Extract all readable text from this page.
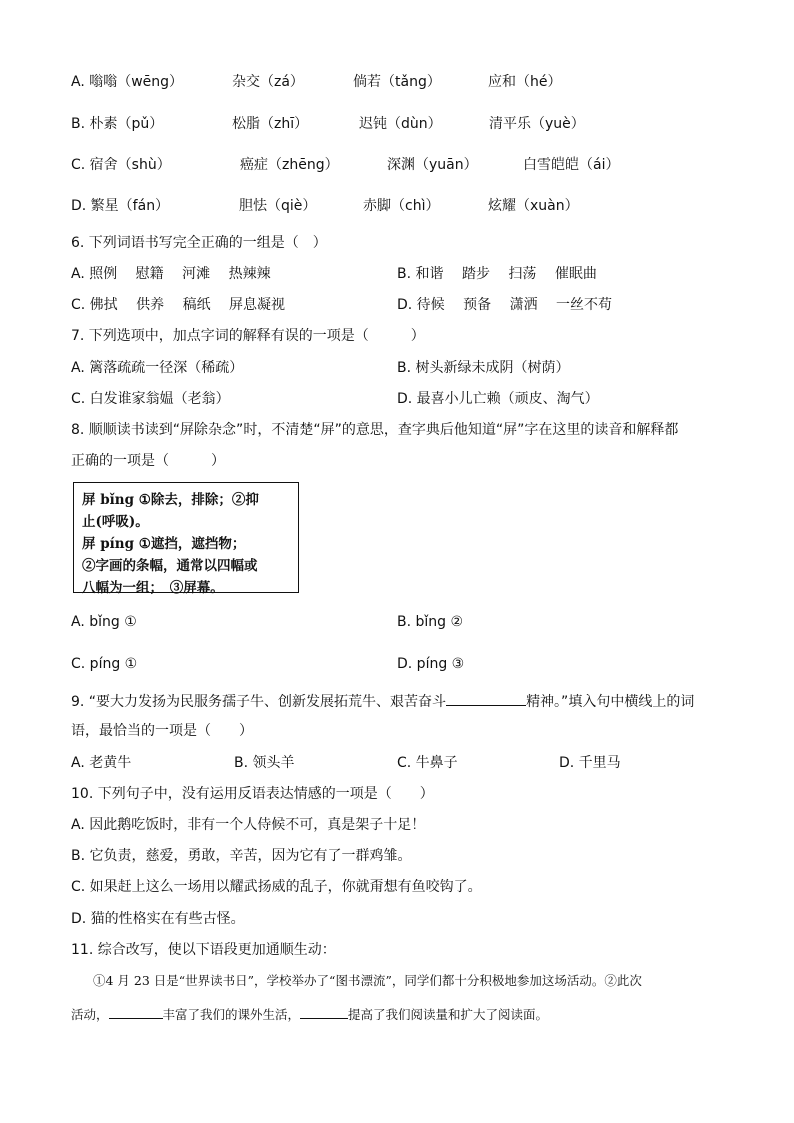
A. 嗡嗡（wēng）	杂交（zá）	倘若（tǎng）	应和（hé）
B. 朴素（pǔ）	松脂（zhī）	迟钝（dùn）	清平乐（yuè）
C. 宿舍（shù）	癌症（zhēng）	深渊（yuān）	白雪皑皑（ái）
D. 繁星（fán）	胆怯（qiè）	赤脚（chì）	炫耀（xuàn）
6. 下列词语书写完全正确的一组是（　）
A. 照例　 慰籍　 河滩　 热辣辣	B. 和谐　 踏步　 扫荡　 催眠曲
C. 佛拭　 供养　 稿纸　 屏息凝视	D. 待候　 预备　 潇洒　 一丝不苟
7. 下列选项中，加点字词的解释有误的一项是（　　　）
A. 篱落疏疏一径深（稀疏）	B. 树头新绿未成阴（树荫）
C. 白发谁家翁媪（老翁）	D. 最喜小儿亡赖（顽皮、淘气）
8. 顺顺读书读到“屏除杂念”时，不清楚“屏”的意思，查字典后他知道“屏”字在这里的读音和解释都
正确的一项是（　　　）
屏 bǐng ①除去，排除；②抑
止(呼吸)。
屏 píng ①遮挡，遮挡物；
②字画的条幅，通常以四幅或
八幅为一组；　③屏幕。
A. bǐng ①	B. bǐng ②
C. píng ①	D. píng ③
9. “要大力发扬为民服务孺子牛、创新发展拓荒牛、艰苦奋斗	精神。”填入句中横线上的词
语，最恰当的一项是（　　）
A. 老黄牛	B. 领头羊	C. 牛鼻子	D. 千里马
10. 下列句子中，没有运用反语表达情感的一项是（　　）
A. 因此鹅吃饭时，非有一个人侍候不可，真是架子十足！
B. 它负责，慈爱，勇敢，辛苦，因为它有了一群鸡雏。
C. 如果赶上这么一场用以耀武扬威的乱子，你就甭想有鱼咬钩了。
D. 猫的性格实在有些古怪。
11. 综合改写，使以下语段更加通顺生动：
①4 月 23 日是“世界读书日”，学校举办了“图书漂流”，同学们都十分积极地参加这场活动。②此次
活动，	丰富了我们的课外生活，	提高了我们阅读量和扩大了阅读面。
